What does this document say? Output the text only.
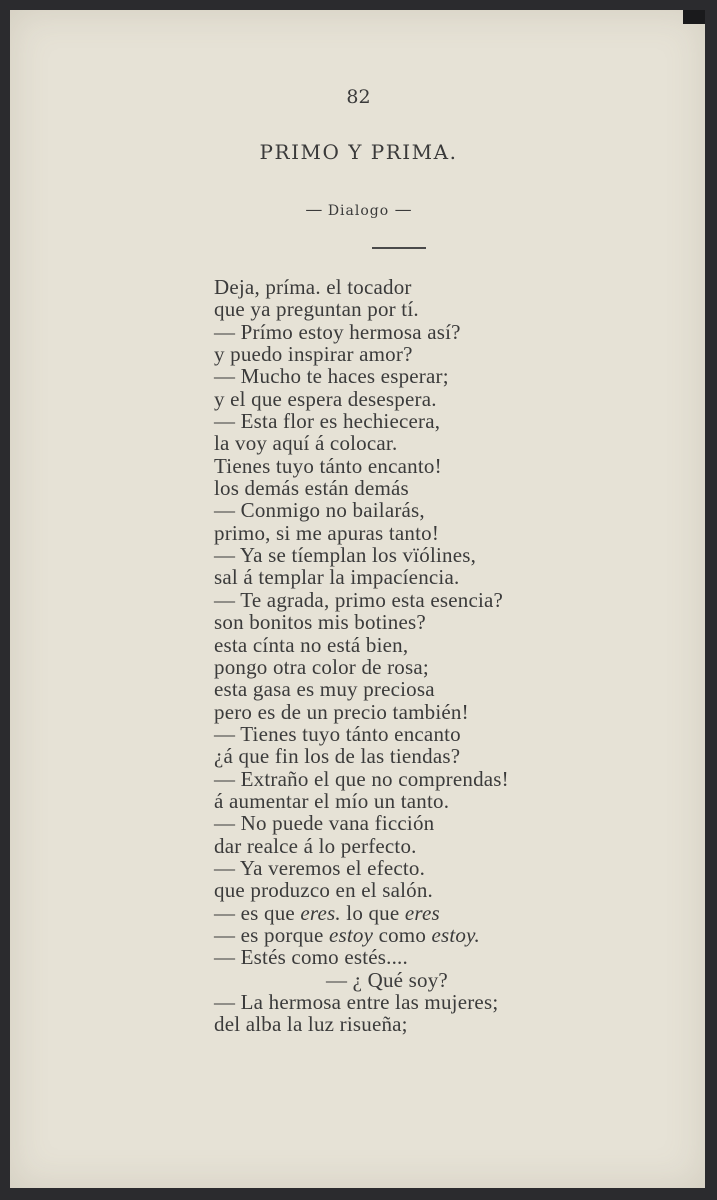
82
PRIMO Y PRIMA.
— Dialogo —
Deja, príma. el tocador
que ya preguntan por tí.
— Prímo estoy hermosa así?
y puedo inspirar amor?
— Mucho te haces esperar;
y el que espera desespera.
— Esta flor es hechiecera,
la voy aquí á colocar.
Tienes tuyo tánto encanto!
los demás están demás
— Conmigo no bailarás,
primo, si me apuras tanto!
— Ya se tíemplan los vïólines,
sal á templar la impacíencia.
— Te agrada, primo esta esencia?
son bonitos mis botines?
esta cínta no está bien,
pongo otra color de rosa;
esta gasa es muy preciosa
pero es de un precio también!
— Tienes tuyo tánto encanto
¿á que fin los de las tiendas?
— Extraño el que no comprendas!
á aumentar el mío un tanto.
— No puede vana ficción
dar realce á lo perfecto.
— Ya veremos el efecto.
que produzco en el salón.
— es que eres. lo que eres
— es porque estoy como estoy.
— Estés como estés....
— ¿ Qué soy?
— La hermosa entre las mujeres;
del alba la luz risueña;
